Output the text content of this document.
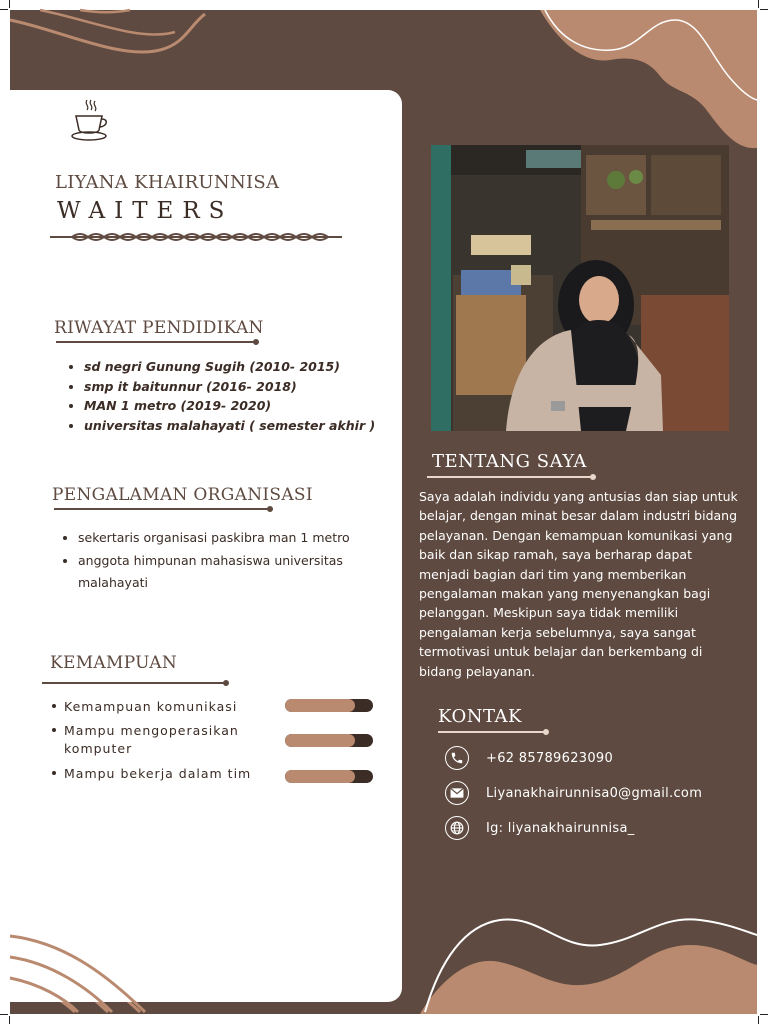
LIYANA KHAIRUNNISA
WAITERS
RIWAYAT PENDIDIKAN
• sd negri Gunung Sugih (2010- 2015)
• smp it baitunnur (2016- 2018)
• MAN 1 metro (2019- 2020)
• universitas malahayati ( semester akhir )
PENGALAMAN ORGANISASI
• sekertaris organisasi paskibra man 1 metro
• anggota himpunan mahasiswa universitas malahayati
KEMAMPUAN
Kemampuan komunikasi
Mampu mengoperasikan komputer
Mampu bekerja dalam tim
TENTANG SAYA
Saya adalah individu yang antusias dan siap untuk belajar, dengan minat besar dalam industri bidang pelayanan. Dengan kemampuan komunikasi yang baik dan sikap ramah, saya berharap dapat menjadi bagian dari tim yang memberikan pengalaman makan yang menyenangkan bagi pelanggan. Meskipun saya tidak memiliki pengalaman kerja sebelumnya, saya sangat termotivasi untuk belajar dan berkembang di bidang pelayanan.
KONTAK
+62 85789623090
Liyanakhairunnisa0@gmail.com
Ig: liyanakhairunnisa_
